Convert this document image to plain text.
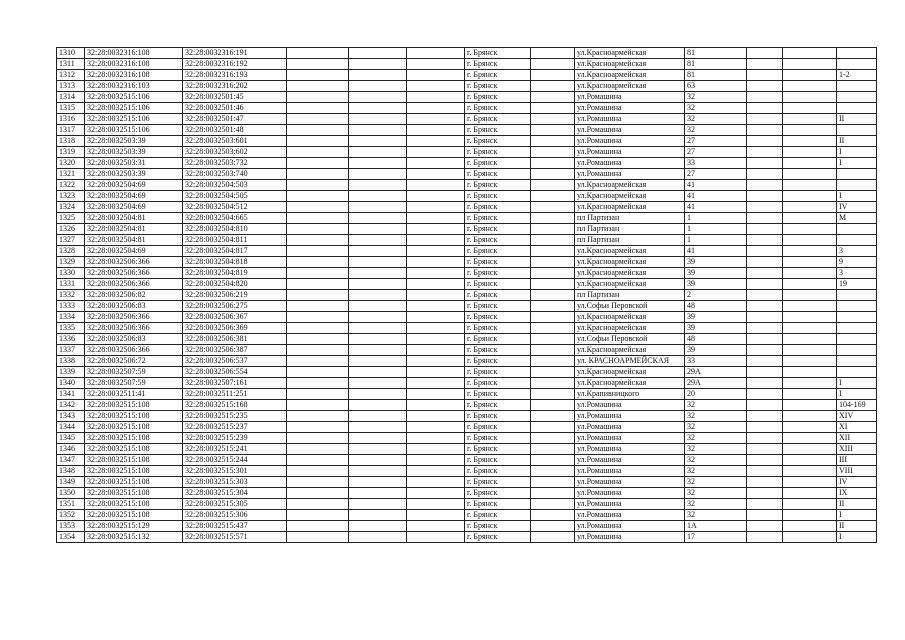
1310	32:28:0032316:108	32:28:0032316:191				г. Брянск		ул.Красноармейская	81			
1311	32:28:0032316:108	32:28:0032316:192				г. Брянск		ул.Красноармейская	81			
1312	32:28:0032316:108	32:28:0032316:193				г. Брянск		ул.Красноармейская	81			1-2
1313	32:28:0032316:103	32:28:0032316:202				г. Брянск		ул.Красноармейская	63			
1314	32:28:0032515:106	32:28:0032501:45				г. Брянск		ул.Ромашина	32			
1315	32:28:0032515:106	32:28:0032501:46				г. Брянск		ул.Ромашина	32			
1316	32:28:0032515:106	32:28:0032501:47				г. Брянск		ул.Ромашина	32			II
1317	32:28:0032515:106	32:28:0032501:48				г. Брянск		ул.Ромашина	32			
1318	32:28:0032503:39	32:28:0032503:601				г. Брянск		ул.Ромашина	27			II
1319	32:28:0032503:39	32:28:0032503:602				г. Брянск		ул.Ромашина	27			I
1320	32:28:0032503:31	32:28:0032503:732				г. Брянск		ул.Ромашина	33			I
1321	32:28:0032503:39	32:28:0032503:740				г. Брянск		ул.Ромашина	27			
1322	32:28:0032504:69	32:28:0032504:503				г. Брянск		ул.Красноармейская	41			
1323	32:28:0032504:69	32:28:0032504:505				г. Брянск		ул.Красноармейская	41			I
1324	32:28:0032504:69	32:28:0032504:512				г. Брянск		ул.Красноармейская	41			IV
1325	32:28:0032504:81	32:28:0032504:665				г. Брянск		пл Партизан	1			M
1326	32:28:0032504:81	32:28:0032504:810				г. Брянск		пл Партизан	1			
1327	32:28:0032504:81	32:28:0032504:811				г. Брянск		пл Партизан	1			
1328	32:28:0032504:69	32:28:0032504:817				г. Брянск		ул.Красноармейская	41			3
1329	32:28:0032506:366	32:28:0032504:818				г. Брянск		ул.Красноармейская	39			9
1330	32:28:0032506:366	32:28:0032504:819				г. Брянск		ул.Красноармейская	39			3
1331	32:28:0032506:366	32:28:0032504:820				г. Брянск		ул.Красноармейская	39			19
1332	32:28:0032506:82	32:28:0032506:219				г. Брянск		пл Партизан	2			
1333	32:28:0032506:83	32:28:0032506:275				г. Брянск		ул.Софьи Перовской	48			
1334	32:28:0032506:366	32:28:0032506:367				г. Брянск		ул.Красноармейская	39			
1335	32:28:0032506:366	32:28:0032506:369				г. Брянск		ул.Красноармейская	39			
1336	32:28:0032506:83	32:28:0032506:381				г. Брянск		ул.Софьи Перовской	48			
1337	32:28:0032506:366	32:28:0032506:387				г. Брянск		ул.Красноармейская	39			
1338	32:28:0032506:72	32:28:0032506:537				г. Брянск		ул. КРАСНОАРМЕЙСКАЯ	33			
1339	32:28:0032507:59	32:28:0032506:554				г. Брянск		ул.Красноармейская	29А			
1340	32:28:0032507:59	32:28:0032507:161				г. Брянск		ул.Красноармейская	29А			I
1341	32:28:0032511:41	32:28:0032511:251				г. Брянск		ул.Крапивницкого	20			I
1342	32:28:0032515:108	32:28:0032515:168				г. Брянск		ул.Ромашина	32			104-169
1343	32:28:0032515:108	32:28:0032515:235				г. Брянск		ул.Ромашина	32			XIV
1344	32:28:0032515:108	32:28:0032515:237				г. Брянск		ул.Ромашина	32			XI
1345	32:28:0032515:108	32:28:0032515:239				г. Брянск		ул.Ромашина	32			XII
1346	32:28:0032515:108	32:28:0032515:241				г. Брянск		ул.Ромашина	32			XIII
1347	32:28:0032515:108	32:28:0032515:244				г. Брянск		ул.Ромашина	32			III
1348	32:28:0032515:108	32:28:0032515:301				г. Брянск		ул.Ромашина	32			VIII
1349	32:28:0032515:108	32:28:0032515:303				г. Брянск		ул.Ромашина	32			IV
1350	32:28:0032515:108	32:28:0032515:304				г. Брянск		ул.Ромашина	32			IX
1351	32:28:0032515:108	32:28:0032515:305				г. Брянск		ул.Ромашина	32			II
1352	32:28:0032515:108	32:28:0032515:306				г. Брянск		ул.Ромашина	32			I
1353	32:28:0032515:129	32:28:0032515:437				г. Брянск		ул.Ромашина	1А			II
1354	32:28:0032515:132	32:28:0032515:571				г. Брянск		ул.Ромашина	17			I
